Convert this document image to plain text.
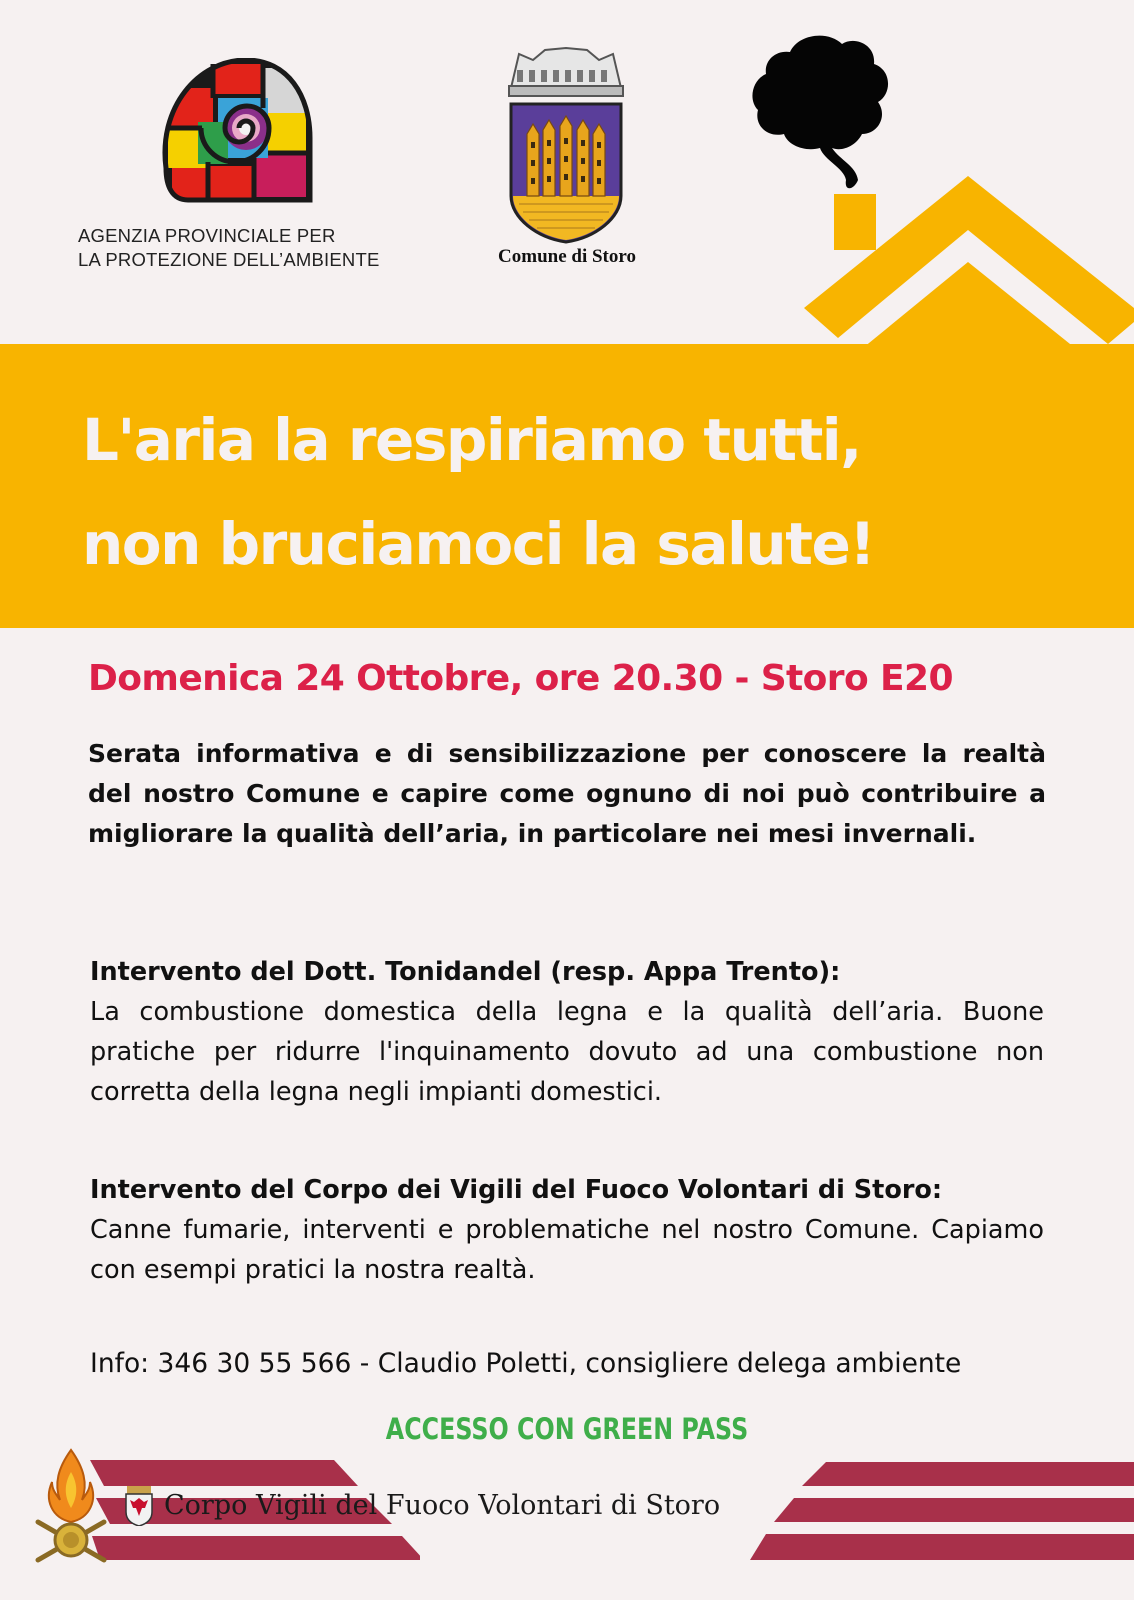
AGENZIA PROVINCIALE PER
LA PROTEZIONE DELL’AMBIENTE	Comune di Storo
L'aria la respiriamo tutti,
non bruciamoci la salute!

Domenica 24 Ottobre, ore 20.30 - Storo E20

Serata informativa e di sensibilizzazione per conoscere la realtà del nostro Comune e capire come ognuno di noi può contribuire a migliorare la qualità dell’aria, in particolare nei mesi invernali.

Intervento del Dott. Tonidandel (resp. Appa Trento):

La combustione domestica della legna e la qualità dell’aria. Buone pratiche per ridurre l'inquinamento dovuto ad una combustione non corretta della legna negli impianti domestici.

Intervento del Corpo dei Vigili del Fuoco Volontari di Storo:

Canne fumarie, interventi e problematiche nel nostro Comune. Capiamo con esempi pratici la nostra realtà.

Info: 346 30 55 566 - Claudio Poletti, consigliere delega ambiente

ACCESSO CON GREEN PASS

Corpo Vigili del Fuoco Volontari di Storo
